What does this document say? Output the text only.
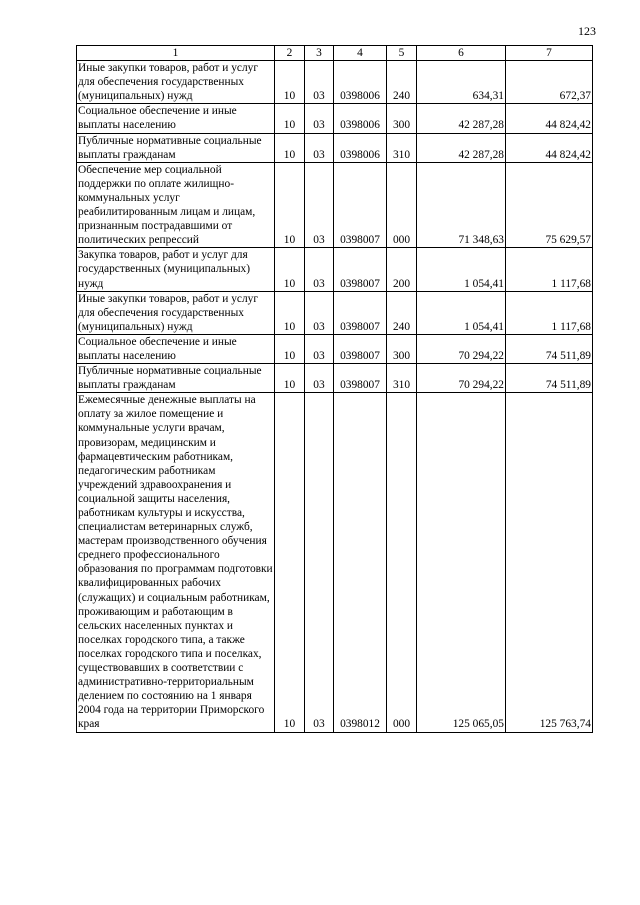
123
1	2	3	4	5	6	7
Иные закупки товаров, работ и услуг для обеспечения государственных (муниципальных) нужд	10	03	0398006	240	634,31	672,37
Социальное обеспечение и иные выплаты населению	10	03	0398006	300	42 287,28	44 824,42
Публичные нормативные социальные выплаты гражданам	10	03	0398006	310	42 287,28	44 824,42
Обеспечение мер социальной поддержки по оплате жилищно-коммунальных услуг реабилитированным лицам и лицам, признанным пострадавшими от политических репрессий	10	03	0398007	000	71 348,63	75 629,57
Закупка товаров, работ и услуг для государственных (муниципальных) нужд	10	03	0398007	200	1 054,41	1 117,68
Иные закупки товаров, работ и услуг для обеспечения государственных (муниципальных) нужд	10	03	0398007	240	1 054,41	1 117,68
Социальное обеспечение и иные выплаты населению	10	03	0398007	300	70 294,22	74 511,89
Публичные нормативные социальные выплаты гражданам	10	03	0398007	310	70 294,22	74 511,89
Ежемесячные денежные выплаты на оплату за жилое помещение и коммунальные услуги врачам, провизорам, медицинским и фармацевтическим работникам, педагогическим работникам учреждений здравоохранения и социальной защиты населения, работникам культуры и искусства, специалистам ветеринарных служб, мастерам производственного обучения среднего профессионального образования по программам подготовки квалифицированных рабочих (служащих) и социальным работникам, проживающим и работающим в сельских населенных пунктах и поселках городского типа, а также поселках городского типа и поселках, существовавших в соответствии с административно-территориальным делением по состоянию на 1 января 2004 года на территории Приморского края	10	03	0398012	000	125 065,05	125 763,74
